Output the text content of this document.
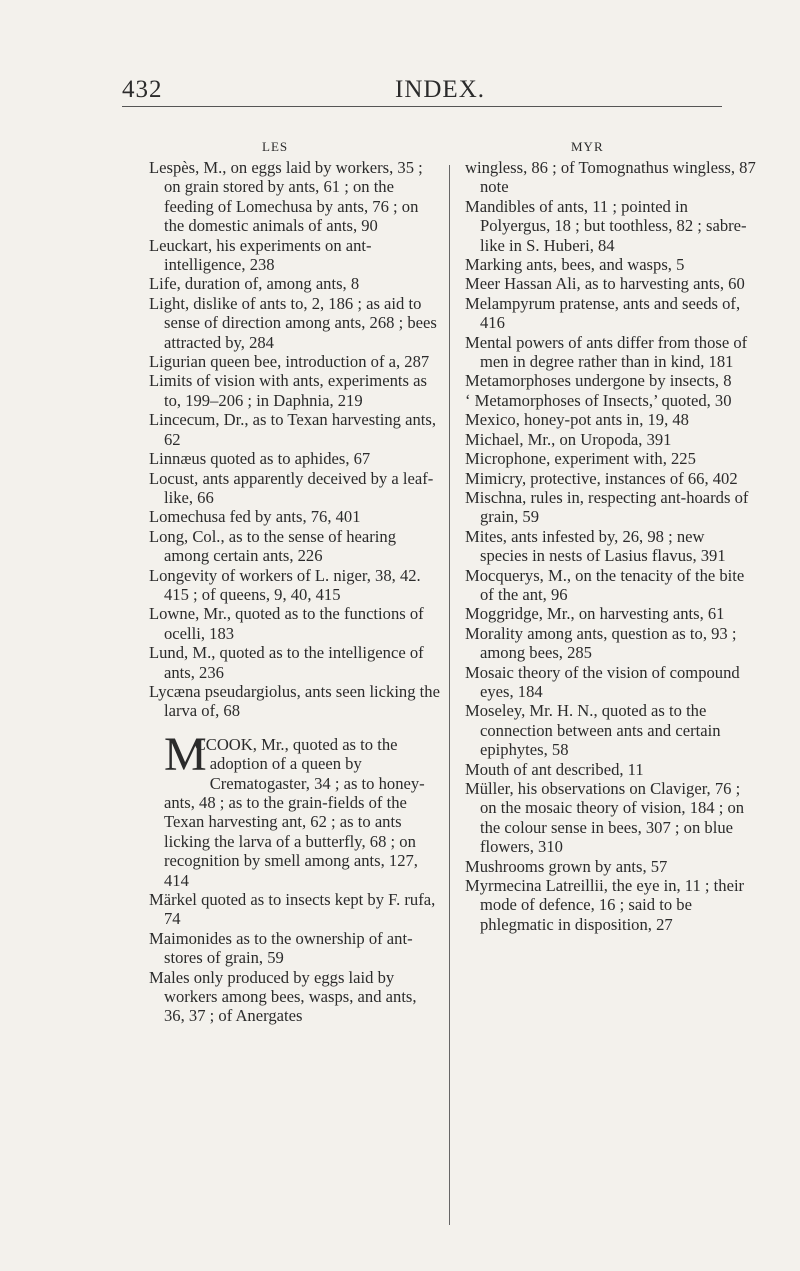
432	INDEX.
LES	MYR
Lespès, M., on eggs laid by workers, 35 ; on grain stored by ants, 61 ; on the feeding of Lomechusa by ants, 76 ; on the domestic animals of ants, 90
Leuckart, his experiments on ant-intelligence, 238
Life, duration of, among ants, 8
Light, dislike of ants to, 2, 186 ; as aid to sense of direction among ants, 268 ; bees attracted by, 284
Ligurian queen bee, introduction of a, 287
Limits of vision with ants, experiments as to, 199–206 ; in Daphnia, 219
Lincecum, Dr., as to Texan harvesting ants, 62
Linnæus quoted as to aphides, 67
Locust, ants apparently deceived by a leaf-like, 66
Lomechusa fed by ants, 76, 401
Long, Col., as to the sense of hearing among certain ants, 226
Longevity of workers of L. niger, 38, 42. 415 ; of queens, 9, 40, 415
Lowne, Mr., quoted as to the functions of ocelli, 183
Lund, M., quoted as to the intelligence of ants, 236
Lycæna pseudargiolus, ants seen licking the larva of, 68
M
CCOOK, Mr., quoted as to the adoption of a queen by Crematogaster, 34 ; as to honey-ants, 48 ; as to the grain-fields of the Texan harvesting ant, 62 ; as to ants licking the larva of a butterfly, 68 ; on recognition by smell among ants, 127, 414
Märkel quoted as to insects kept by F. rufa, 74
Maimonides as to the ownership of ant-stores of grain, 59
Males only produced by eggs laid by workers among bees, wasps, and ants, 36, 37 ; of Anergates
wingless, 86 ; of Tomognathus wingless, 87 note
Mandibles of ants, 11 ; pointed in Polyergus, 18 ; but toothless, 82 ; sabre-like in S. Huberi, 84
Marking ants, bees, and wasps, 5
Meer Hassan Ali, as to harvesting ants, 60
Melampyrum pratense, ants and seeds of, 416
Mental powers of ants differ from those of men in degree rather than in kind, 181
Metamorphoses undergone by insects, 8
‘ Metamorphoses of Insects,’ quoted, 30
Mexico, honey-pot ants in, 19, 48
Michael, Mr., on Uropoda, 391
Microphone, experiment with, 225
Mimicry, protective, instances of 66, 402
Mischna, rules in, respecting ant-hoards of grain, 59
Mites, ants infested by, 26, 98 ; new species in nests of Lasius flavus, 391
Mocquerys, M., on the tenacity of the bite of the ant, 96
Moggridge, Mr., on harvesting ants, 61
Morality among ants, question as to, 93 ; among bees, 285
Mosaic theory of the vision of compound eyes, 184
Moseley, Mr. H. N., quoted as to the connection between ants and certain epiphytes, 58
Mouth of ant described, 11
Müller, his observations on Claviger, 76 ; on the mosaic theory of vision, 184 ; on the colour sense in bees, 307 ; on blue flowers, 310
Mushrooms grown by ants, 57
Myrmecina Latreillii, the eye in, 11 ; their mode of defence, 16 ; said to be phlegmatic in disposition, 27
